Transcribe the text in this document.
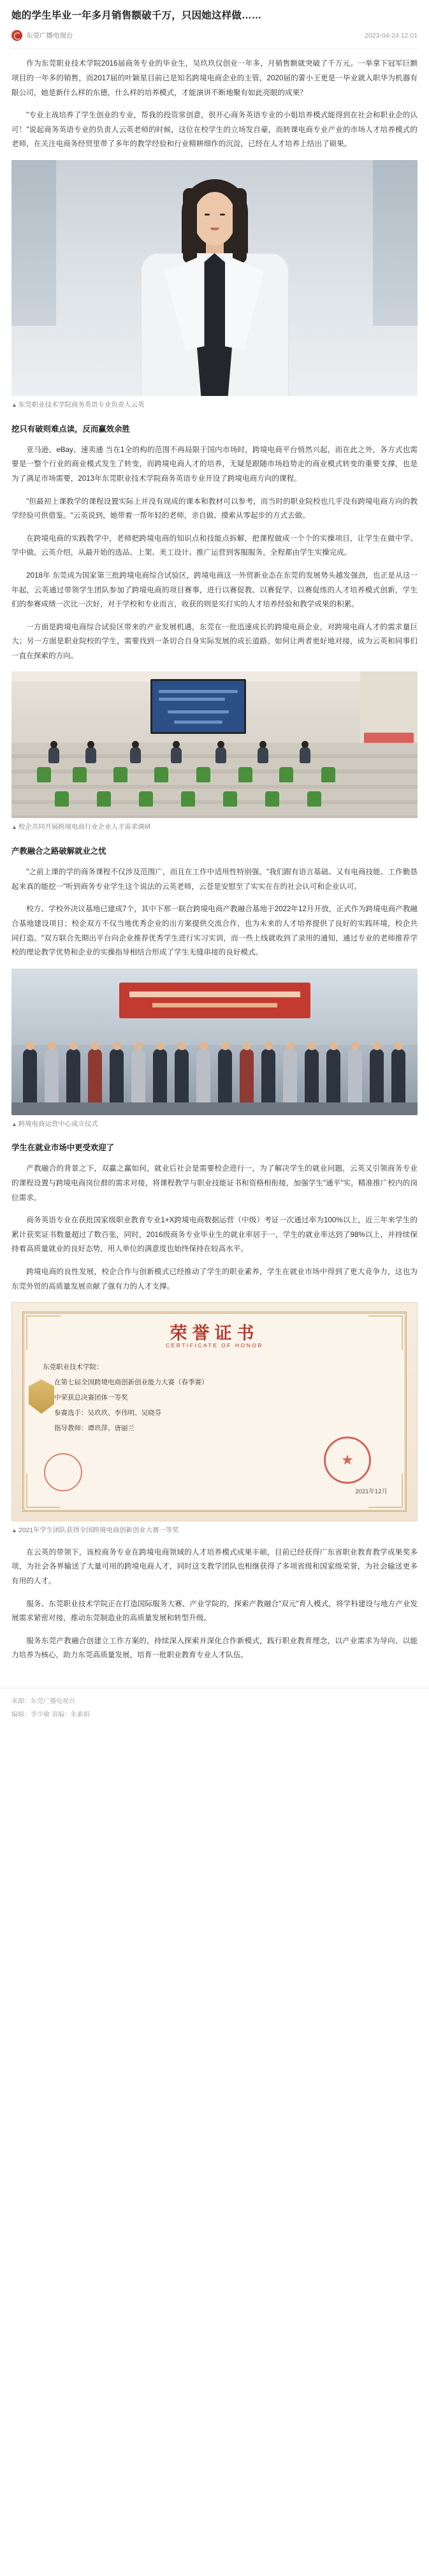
她的学生毕业一年多月销售额破千万，只因她这样做……
东莞广播电视台	2023-04-24 12:01

作为东莞职业技术学院2016届商务专业的毕业生，吴玖玖仅创业一年多，月销售额就突破了千万元。一举拿下冠军巨额项目的一年多的销售，而2017届的叶颖星目前已是知名跨境电商企业的主管，2020届的蕾小王更是一毕业就入职华为机器有限公司，她是新什么样的东德，什么样的培养模式，才能演讲不断地聚有如此亮眼的成果？

"专业主战培养了学生创业的专业，帮我的投资常创意，很开心商务英语专业的小姐培养模式能得到在社会和职业企的认可！"说起商务英语专业的负责人云英老师的时候，这位在校学生的立场发自豪，而转课电商专业产业的市场人才培养模式的老师，在关注电商务经贸里带了多年的教学经验和行业精耕细作的沉淀，已经在人才培养上结出了硕果。

▲ 东莞职业技术学院商务英语专业负责人云英
挖只有破则难点读，反而赢效余胜

亚马逊、eBay、速卖通 当在1全的构的范围不再局限于国内市场时，跨境电商平台悄然兴起，而在此之外，各方式也需要是一整个行业的商业模式发生了转变，而跨境电商人才的培养，无疑是跟随市场趋势走的商业模式转变的重要支撑，也是为了满足市场需要，2013年东莞职业技术学院商务英语专业开设了跨境电商方向的课程。

"但最初上课教学的课程设置实际上并没有现成的课本和教材可以参考，而当时的职业院校也几乎没有跨境电商方向的教学经验可供借鉴。"云英说到，她带着一帮年轻的老师，亲自做、摸索从零起步的方式去做。

在跨境电商的实践教学中，老师把跨境电商的知识点和技能点拆解，把课程做成一个个的实操项目，让学生在做中学、学中做。云英介绍，从最开始的选品、上架、美工设计、推广运营到客服服务，全程都由学生实操完成。

2018年 东莞成为国家第三批跨境电商综合试验区，跨境电商这一外贸新业态在东莞的发展势头越发强劲，也正是从这一年起，云英通过带领学生团队参加了跨境电商的项目赛事，进行以赛促教、以赛促学、以赛促练的人才培养模式创新，学生们的参赛成绩一次比一次好，对于学校和专业而言，收获的则是实打实的人才培养经验和教学成果的积累。

一方面是跨境电商综合试验区带来的产业发展机遇，东莞在一批迅速成长的跨境电商企业，对跨境电商人才的需求量巨大；另一方面是职业院校的学生，需要找到一条切合自身实际发展的成长道路。如何让两者更好地对接，成为云英和同事们一直在探索的方向。

▲ 校企共同开展跨境电商行业企业人才需求调研
产教融合之路破解就业之忧

"之前上课的学的商务课程不仅涉及范围广，而且在工作中适用性特别强。"我们跟有语言基础、又有电商技能、工作勤恳起来真的能挖一"听到商务专业学生这个说法的云英老师，云苍是安慰至了实实在在的社会认可和企业认可。

校方、学校外决议基地已建成7个，其中下那一联合跨境电商产教融合基地于2022年12月开放，正式作为跨境电商产教融合基地建设项目；校企双方不仅当地优秀企业的出方案提供交流合作，也为未来的人才培养提供了良好的实践环境，校企共同打造。"双方联合先期出平台向企业推荐优秀学生进行实习实训，而一些上线就收到了录用的通知，通过专业的老师推荐学校的理论教学优势和企业的实操指导相结合形成了学生无缝串接的良好模式。

▲ 跨境电商运营中心成立仪式
学生在就业市场中更受欢迎了

产教融合的背景之下，双赢之赢如何，就业后社会是需要校企进行一，为了解决学生的就业问题，云英又引领商务专业的课程设置与跨境电商岗位群的需求对接，将课程教学与职业技能证书和资格相衔接，加强学生"通平"实，精准推广校内的岗位需求。

商务英语专业在获批国家级职业教育专业1+X跨境电商数据运营（中级）考证一次通过率为100%以上，近三年来学生的累计获奖证书数量超过了数百张，同时，2016级商务专业毕业生的就业率居于一，学生的就业率达到了98%以上，并持续保持着高质量就业的良好态势，用人单位的满意度也始终保持在较高水平。

跨境电商的良性发展，校企合作与创新模式已经推动了学生的职业素养，学生在就业市场中得到了更大竞争力，这也为东莞外贸的高质量发展贡献了强有力的人才支撑。

荣誉证书
CERTIFICATE OF HONOR
东莞职业技术学院：
在第七届全国跨境电商创新创业能力大赛（春季赛）
中荣获总决赛团体一等奖
参赛选手：吴玖玖、李伟明、吴晓芬
指导教师：谭玖萍、唐丽兰
★
2021年12月
▲ 2021年学生团队获得全国跨境电商创新创业大赛一等奖

在云英的带领下，该校商务专业在跨境电商领域的人才培养模式成果丰硕，目前已经获得广东省职业教育教学成果奖多项，为社会各界输送了大量可用的跨境电商人才，同时这支教学团队也相继获得了多项省级和国家级荣誉，为社会输送更多有用的人才。

服务、东莞职业技术学院正在打造国际服务大赛、产业学院的，探索产教融合"双元"育人模式，将学科建设与地方产业发展需求紧密对接，推动东莞制造业的高质量发展和转型升级。

服务东莞产教融合创建立工作方案的，持续深入探索并深化合作新模式，践行职业教育理念，以产业需求为导向、以能力培养为核心，助力东莞高质量发展，培育一批职业教育专业人才队伍。

来源：东莞广播电视台
编辑：李少敏 责编：朱素娟
